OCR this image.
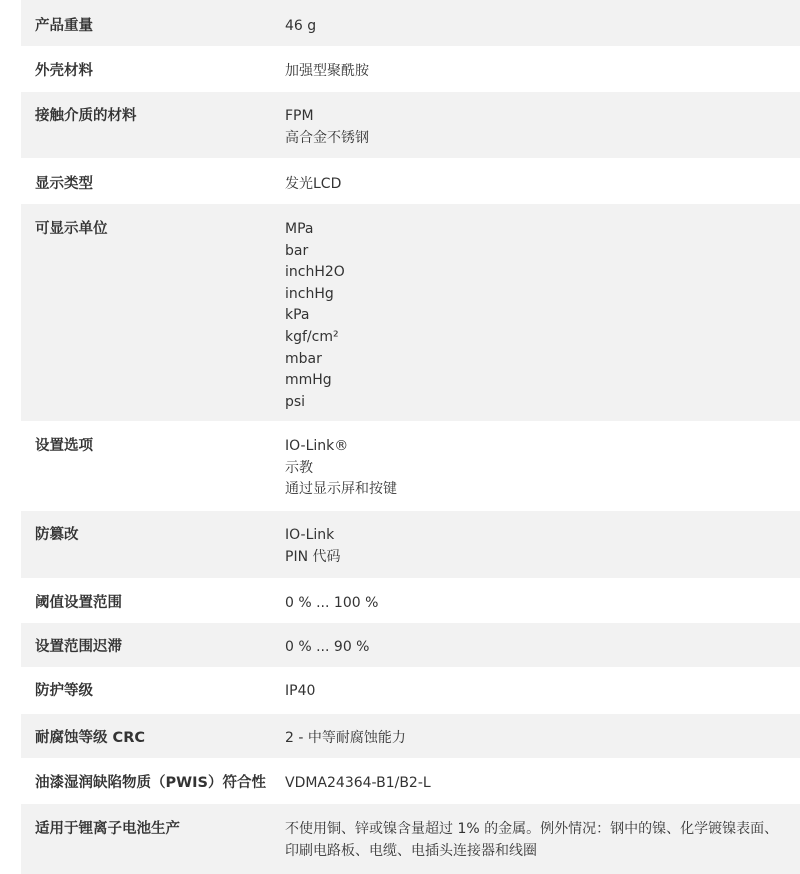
产品重量	46 g
外壳材料	加强型聚酰胺
接触介质的材料	FPM
高合金不锈钢
显示类型	发光LCD
可显示单位	MPa
bar
inchH2O
inchHg
kPa
kgf/cm²
mbar
mmHg
psi
设置选项	IO-Link®
示教
通过显示屏和按键
防篡改	IO-Link
PIN 代码
阈值设置范围	0 % ... 100 %
设置范围迟滞	0 % ... 90 %
防护等级	IP40
耐腐蚀等级 CRC	2 - 中等耐腐蚀能力
油漆湿润缺陷物质（PWIS）符合性	VDMA24364-B1/B2-L
适用于锂离子电池生产	不使用铜、锌或镍含量超过 1% 的金属。例外情况：钢中的镍、化学镀镍表面、
印刷电路板、电缆、电插头连接器和线圈
